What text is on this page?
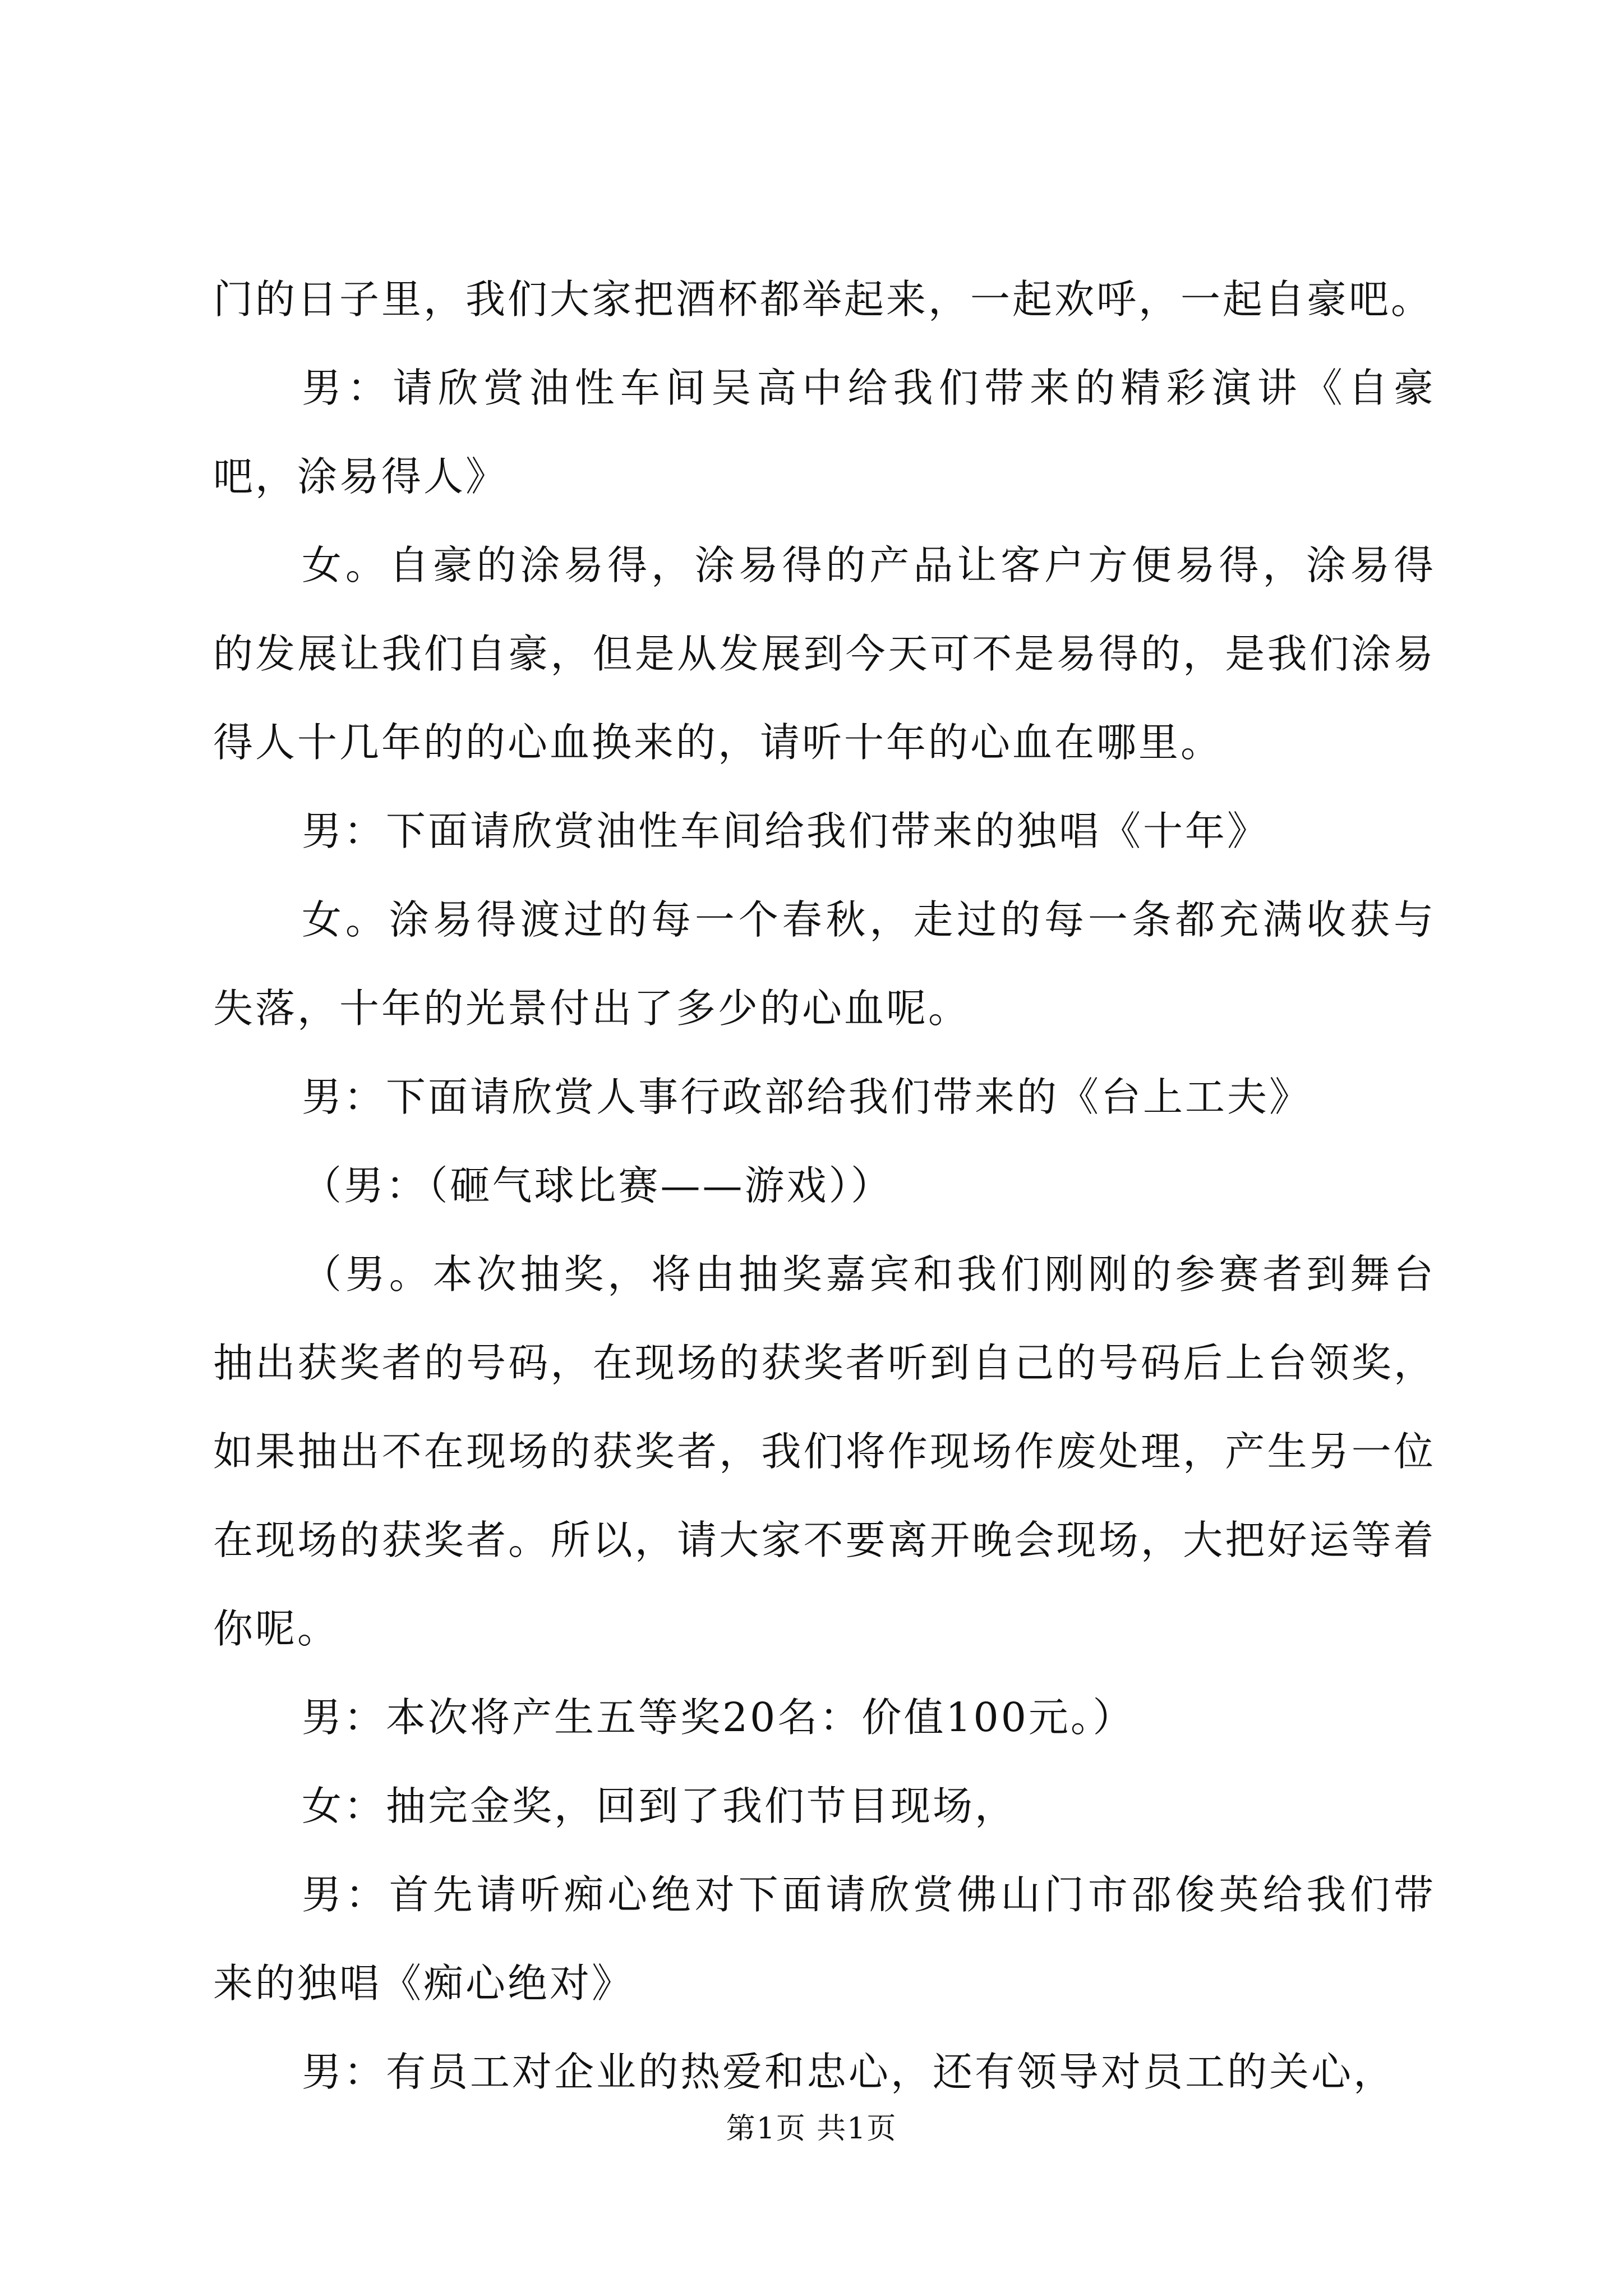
门的日子里，我们大家把酒杯都举起来，一起欢呼，一起自豪吧。

男：请欣赏油性车间吴高中给我们带来的精彩演讲《自豪吧，涂易得人》

女。自豪的涂易得，涂易得的产品让客户方便易得，涂易得的发展让我们自豪，但是从发展到今天可不是易得的，是我们涂易得人十几年的的心血换来的，请听十年的心血在哪里。

男：下面请欣赏油性车间给我们带来的独唱《十年》

女。涂易得渡过的每一个春秋，走过的每一条都充满收获与失落，十年的光景付出了多少的心血呢。

男：下面请欣赏人事行政部给我们带来的《台上工夫》

（男：（砸气球比赛——游戏））

（男。本次抽奖，将由抽奖嘉宾和我们刚刚的参赛者到舞台抽出获奖者的号码，在现场的获奖者听到自己的号码后上台领奖，如果抽出不在现场的获奖者，我们将作现场作废处理，产生另一位在现场的获奖者。所以，请大家不要离开晚会现场，大把好运等着你呢。

男：本次将产生五等奖20名：价值100元。）

女：抽完金奖，回到了我们节目现场，

男：首先请听痴心绝对下面请欣赏佛山门市邵俊英给我们带来的独唱《痴心绝对》

男：有员工对企业的热爱和忠心，还有领导对员工的关心，

第1页 共1页
